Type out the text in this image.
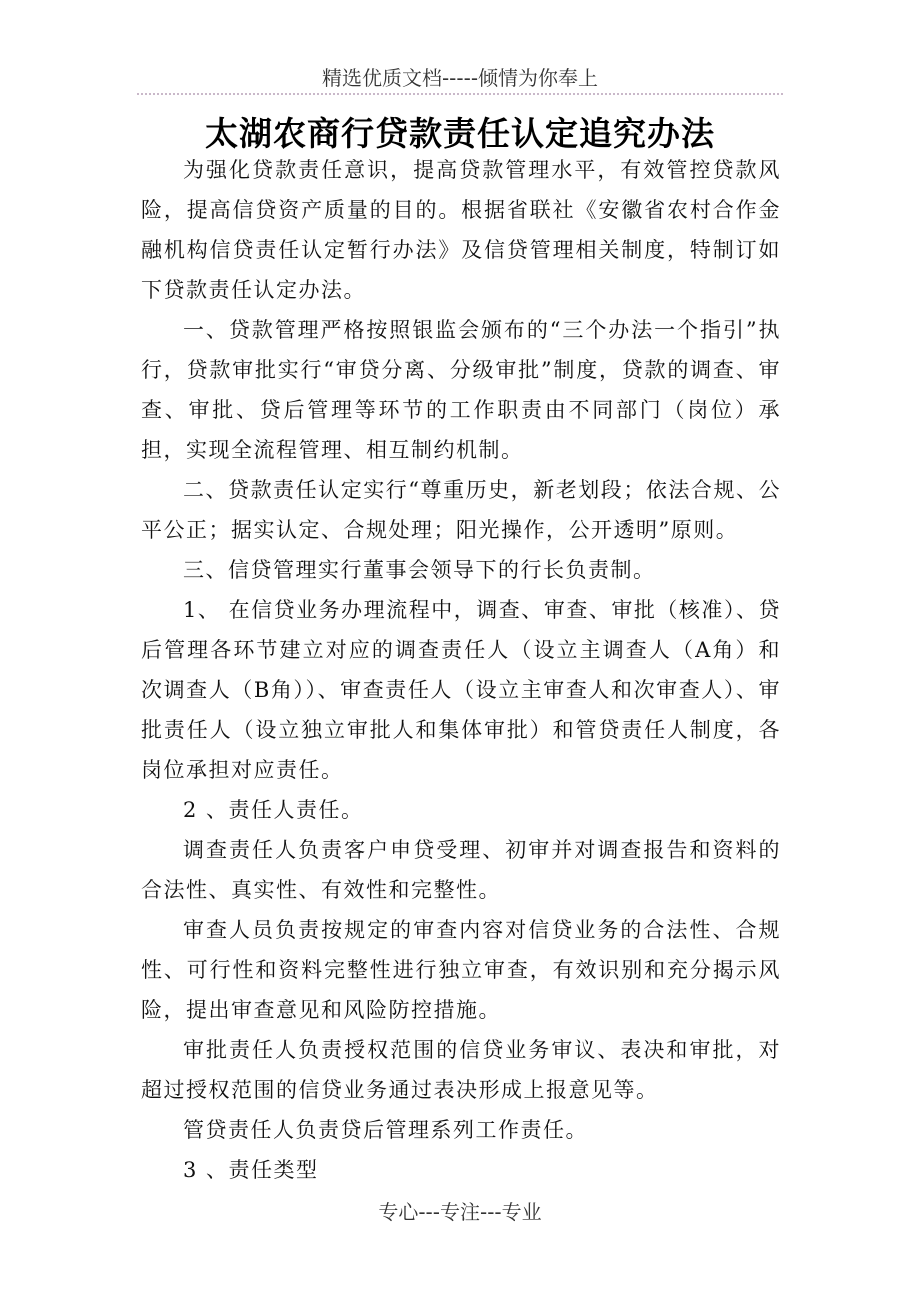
精选优质文档-----倾情为你奉上
太湖农商行贷款责任认定追究办法

为强化贷款责任意识，提高贷款管理水平，有效管控贷款风险，提高信贷资产质量的目的。根据省联社《安徽省农村合作金融机构信贷责任认定暂行办法》及信贷管理相关制度，特制订如下贷款责任认定办法。

一、贷款管理严格按照银监会颁布的“三个办法一个指引”执行，贷款审批实行“审贷分离、分级审批”制度，贷款的调查、审查、审批、贷后管理等环节的工作职责由不同部门（岗位）承担，实现全流程管理、相互制约机制。

二、贷款责任认定实行“尊重历史，新老划段；依法合规、公平公正；据实认定、合规处理；阳光操作，公开透明”原则。

三、信贷管理实行董事会领导下的行长负责制。

1、 在信贷业务办理流程中，调查、审查、审批（核准）、贷后管理各环节建立对应的调查责任人（设立主调查人（A角）和次调查人（B角））、审查责任人（设立主审查人和次审查人）、审批责任人（设立独立审批人和集体审批）和管贷责任人制度，各岗位承担对应责任。

2 、责任人责任。

调查责任人负责客户申贷受理、初审并对调查报告和资料的合法性、真实性、有效性和完整性。

审查人员负责按规定的审查内容对信贷业务的合法性、合规性、可行性和资料完整性进行独立审查，有效识别和充分揭示风险，提出审查意见和风险防控措施。

审批责任人负责授权范围的信贷业务审议、表决和审批，对超过授权范围的信贷业务通过表决形成上报意见等。

管贷责任人负责贷后管理系列工作责任。

3 、责任类型

专心---专注---专业
